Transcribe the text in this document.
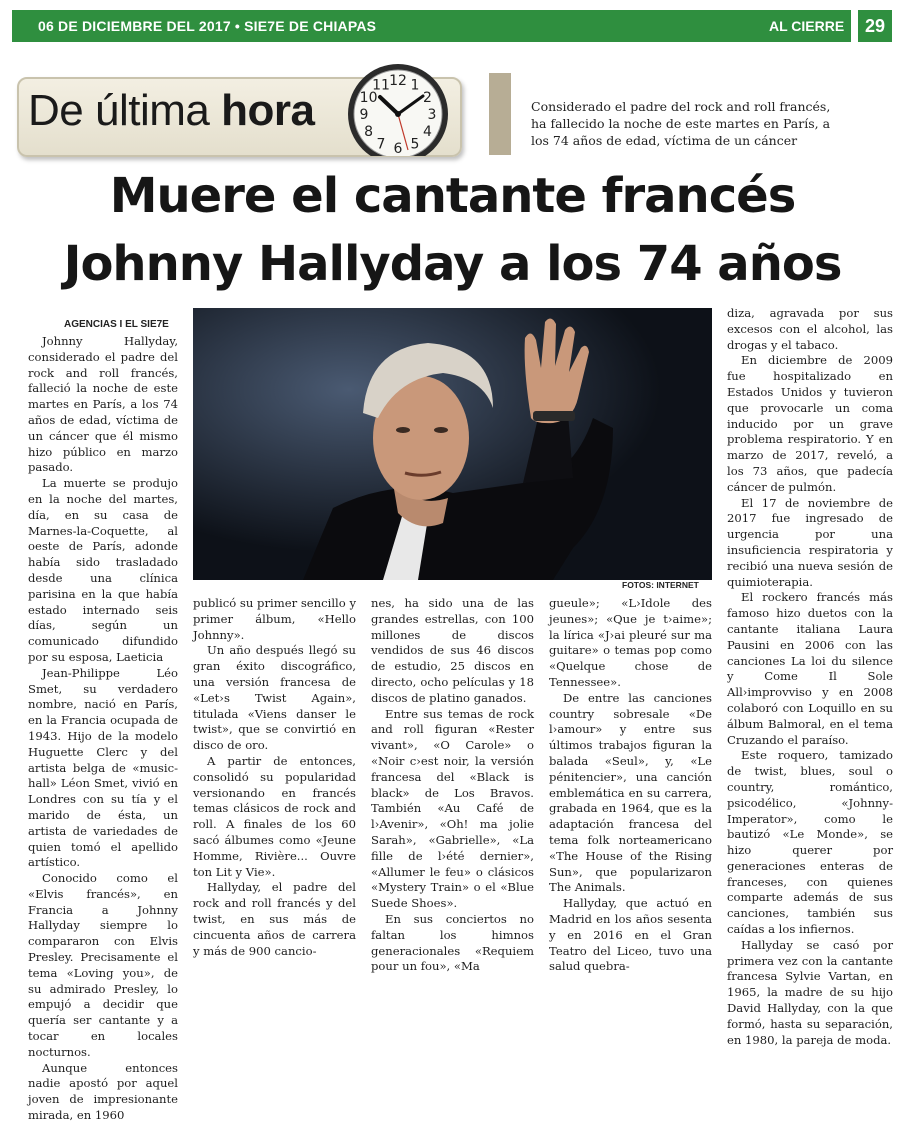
06 DE DICIEMBRE DEL 2017 • SIE7E DE CHIAPAS	AL CIERRE	29
De última hora
12 1
2
3
4
5
6
7
8
9
10
11
Considerado el padre del rock and roll francés, ha fallecido la noche de este martes en París, a los 74 años de edad, víctima de un cáncer
Muere el cantante francés
Johnny Hallyday a los 74 años
AGENCIAS I EL SIE7E
FOTOS: INTERNET

Johnny Hallyday, considerado el padre del rock and roll francés, falleció la noche de este martes en París, a los 74 años de edad, víctima de un cáncer que él mismo hizo público en marzo pasado.

La muerte se produjo en la noche del martes, día, en su casa de Marnes-la-Coquette, al oeste de París, adonde había sido trasladado desde una clínica parisina en la que había estado internado seis días, según un comunicado difundido por su esposa, Laeticia

Jean-Philippe Léo Smet, su verdadero nombre, nació en París, en la Francia ocupada de 1943. Hijo de la modelo Huguette Clerc y del artista belga de «music-hall» Léon Smet, vivió en Londres con su tía y el marido de ésta, un artista de variedades de quien tomó el apellido artístico.

Conocido como el «Elvis francés», en Francia a Johnny Hallyday siempre lo compararon con Elvis Presley. Precisamente el tema «Loving you», de su admirado Presley, lo empujó a decidir que quería ser cantante y a tocar en locales nocturnos.

Aunque entonces nadie apostó por aquel joven de impresionante mirada, en 1960

publicó su primer sencillo y primer álbum, «Hello Johnny».

Un año después llegó su gran éxito discográfico, una versión francesa de «Let›s Twist Again», titulada «Viens danser le twist», que se convirtió en disco de oro.

A partir de entonces, consolidó su popularidad versionando en francés temas clásicos de rock and roll. A finales de los 60 sacó álbumes como «Jeune Homme, Rivière... Ouvre ton Lit y Vie».

Hallyday, el padre del rock and roll francés y del twist, en sus más de cincuenta años de carrera y más de 900 cancio-

nes, ha sido una de las grandes estrellas, con 100 millones de discos vendidos de sus 46 discos de estudio, 25 discos en directo, ocho películas y 18 discos de platino ganados.

Entre sus temas de rock and roll figuran «Rester vivant», «O Carole» o «Noir c›est noir, la versión francesa del «Black is black» de Los Bravos. También «Au Café de l›Avenir», «Oh! ma jolie Sarah», «Gabrielle», «La fille de l›été dernier», «Allumer le feu» o clásicos «Mystery Train» o el «Blue Suede Shoes».

En sus conciertos no faltan los himnos generacionales «Requiem pour un fou», «Ma

gueule»; «L›Idole des jeunes»; «Que je t›aime»; la lírica «J›ai pleuré sur ma guitare» o temas pop como «Quelque chose de Tennessee».

De entre las canciones country sobresale «De l›amour» y entre sus últimos trabajos figuran la balada «Seul», y, «Le pénitencier», una canción emblemática en su carrera, grabada en 1964, que es la adaptación francesa del tema folk norteamericano «The House of the Rising Sun», que popularizaron The Animals.

Hallyday, que actuó en Madrid en los años sesenta y en 2016 en el Gran Teatro del Liceo, tuvo una salud quebra-

diza, agravada por sus excesos con el alcohol, las drogas y el tabaco.

En diciembre de 2009 fue hospitalizado en Estados Unidos y tuvieron que provocarle un coma inducido por un grave problema respiratorio. Y en marzo de 2017, reveló, a los 73 años, que padecía cáncer de pulmón.

El 17 de noviembre de 2017 fue ingresado de urgencia por una insuficiencia respiratoria y recibió una nueva sesión de quimioterapia.

El rockero francés más famoso hizo duetos con la cantante italiana Laura Pausini en 2006 con las canciones La loi du silence y Come Il Sole All›improvviso y en 2008 colaboró con Loquillo en su álbum Balmoral, en el tema Cruzando el paraíso.

Este roquero, tamizado de twist, blues, soul o country, romántico, psicodélico, «Johnny-Imperator», como le bautizó «Le Monde», se hizo querer por generaciones enteras de franceses, con quienes comparte además de sus canciones, también sus caídas a los infiernos.

Hallyday se casó por primera vez con la cantante francesa Sylvie Vartan, en 1965, la madre de su hijo David Hallyday, con la que formó, hasta su separación, en 1980, la pareja de moda.
